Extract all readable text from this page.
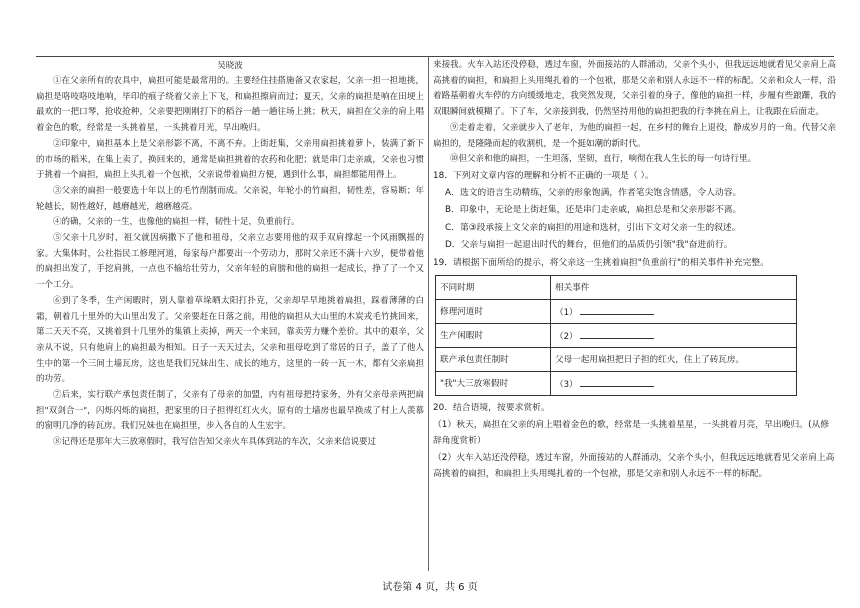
吴晓波

①在父亲所有的农具中，扁担可能是最常用的。主要经住挂搭施备又农家起，父亲一担一担地挑，扁担是咯吱咯吱地响，毕印的痕子绕着父亲上下飞，和扁担擦肩而过；夏天，父亲的扁担是响在田埂上最欢的一把口琴，抢收抢种，父亲要把刚刚打下的稻谷一趟一趟往场上挑；秋天，扁担在父亲的肩上唱着金色的歌，经常是一头挑着星，一头挑着月光，早出晚归。

②印象中，扁担基本上是父亲形影不离，不离不弃。上街赶集，父亲用扁担挑着萝卜，装满了新下的市场的稻米，在集上卖了，换回来的，通常是扁担挑着的农药和化肥；就是串门走亲戚，父亲也习惯于挑着一个扁担，扁担上头扎着一个包袱，父亲说带着扁担方便，遇到什么事，扁担都能用得上。

③父亲的扁担一般要选十年以上的毛竹削制而成。父亲说，年轮小的竹扁担，韧性差，容易断；年轮越长，韧性越好，越磨越光，越磨越亮。

④的确，父亲的一生，也像他的扁担一样，韧性十足，负重前行。

⑤父亲十几岁时，祖父就因病撒下了他和祖母，父亲立志要用他的双手双肩撑起一个风雨飘摇的家。大集体时，公社指民工修理河道，每家每户都要出一个劳动力，那时父亲还不满十六岁，便带着他的扁担出发了，手挖肩挑，一点也不输给壮劳力，父亲年轻的肩膀和他的扁担一起成长，挣了了一个又一个工分。

⑥到了冬季，生产闲暇时，别人靠着草垛晒太阳打扑克，父亲却早早地挑着扁担，踩着薄薄的白霜，朝着几十里外的大山里出发了。父亲要赶在日落之前，用他的扁担从大山里的木炭戎毛竹挑回来，第二天天不亮，又挑着到十几里外的集镇上卖掉，两天一个来回，靠卖劳力赚个差价。其中的艰辛，父亲从不说，只有他肩上的扁担最为相知。日子一天天过去，父亲和祖母吃到了常居的日子，盖了了他人生中的第一个三间土墙瓦房，这也是我们兄妹出生、成长的地方，这里的一砖一瓦一木，都有父亲扁担的功劳。

⑦后来，实行联产承包责任制了，父亲有了母亲的加盟，内有祖母把持家务，外有父亲母亲两把扁担"双剑合一"，闪烁闪烁的扁担，把家里的日子担得红红火火，原有的土墙房也最早换成了村上人羡慕的窗明几净的砖瓦房。我们兄妹也在扁担里，步入各自的人生宏宇。

⑧记得还是那年大三放寒假时，我写信告知父亲火车具体到站的车次，父亲来信说要过

来接我。火车入站还没停稳，透过车窗，外面接站的人群涌动，父亲个头小，但我远远地就看见父亲肩上高高挑着的扁担，和扁担上头用绳扎着的一个包袱，那是父亲和别人永远不一样的标配。父亲和众人一样，沿着路基朝着火车停的方向缓缓地走，我突然发现，父亲引着的身子，像他的扁担一样，步履有些踉跚，我的双眼瞬间就模糊了。下了车，父亲接到我，仍然坚持用他的扁担把我的行李挑在肩上，让我跟在后面走。

⑨走着走着，父亲就步入了老年，为他的扁担一起，在乡村的舞台上退役，静成岁月的一角。代替父亲扁担的，是隆隆而起的收割机，是一个挺如潮的新时代。

⑩但父亲和他的扁担，一生坦荡，坚韧，直行，响彻在我人生长的每一句诗行里。

18．下列对文章内容的理解和分析不正确的一项是（ ）。

A．选文的语言生动精练，父亲的形象饱满，作者笔尖饱含情感，令人动容。

B．印象中，无论是上街赶集，还是串门走亲戚，扁担总是和父亲形影不离。

C．第③段承接上文父亲的扁担的用途和选材，引出下文对父亲一生的叙述。

D．父亲与扁担一起退出时代的舞台，但他们的品质仍引领"我"奋进前行。

19．请根据下面所给的提示，将父亲这一生挑着扁担"负重前行"的相关事件补充完整。

不同时期	相关事件
修理河道时	（1）
生产闲暇时	（2）
联产承包责任制时	父母一起用扁担把日子担的红火，住上了砖瓦房。
"我"大三放寒假时	（3）

20．结合语境，按要求赏析。

（1）秋天，扁担在父亲的肩上唱着金色的歌，经常是一头挑着星星，一头挑着月亮，早出晚归。(从修辞角度赏析）

（2）火车入站还没停稳，透过车窗，外面接站的人群涌动，父亲个头小，但我远远地就看见父亲肩上高高挑着的扁担，和扁担上头用绳扎着的一个包袱，那是父亲和别人永远不一样的标配。

试卷第 4 页，共 6 页
